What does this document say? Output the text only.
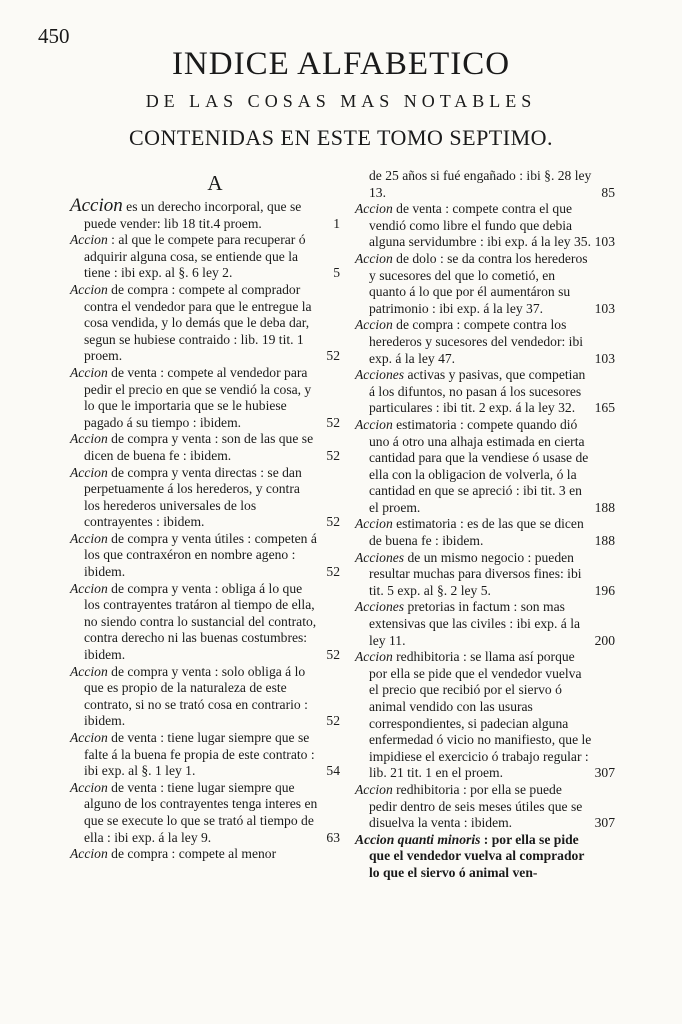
450
INDICE ALFABETICO
DE LAS COSAS MAS NOTABLES
CONTENIDAS EN ESTE TOMO SEPTIMO.
A
Accion es un derecho incorporal, que se puede vender: lib 18 tit.4 proem.	1
Accion : al que le compete para recuperar ó adquirir alguna cosa, se entiende que la tiene : ibi exp. al §. 6 ley 2.	5
Accion de compra : compete al comprador contra el vendedor para que le entregue la cosa vendida, y lo demás que le deba dar, segun se hubiese contraido : lib. 19 tit. 1 proem.	52
Accion de venta : compete al vendedor para pedir el precio en que se vendió la cosa, y lo que le importaria que se le hubiese pagado á su tiempo : ibidem.	52
Accion de compra y venta : son de las que se dicen de buena fe : ibidem.	52
Accion de compra y venta directas : se dan perpetuamente á los herederos, y contra los herederos universales de los contrayentes : ibidem.	52
Accion de compra y venta útiles : competen á los que contraxéron en nombre ageno : ibidem.	52
Accion de compra y venta : obliga á lo que los contrayentes tratáron al tiempo de ella, no siendo contra lo sustancial del contrato, contra derecho ni las buenas costumbres: ibidem.	52
Accion de compra y venta : solo obliga á lo que es propio de la naturaleza de este contrato, si no se trató cosa en contrario : ibidem.	52
Accion de venta : tiene lugar siempre que se falte á la buena fe propia de este contrato : ibi exp. al §. 1 ley 1.	54
Accion de venta : tiene lugar siempre que alguno de los contrayentes tenga interes en que se execute lo que se trató al tiempo de ella : ibi exp. á la ley 9.	63
Accion de compra : compete al menor
de 25 años si fué engañado : ibi §. 28 ley 13.	85
Accion de venta : compete contra el que vendió como libre el fundo que debia alguna servidumbre : ibi exp. á la ley 35. 103
Accion de dolo : se da contra los herederos y sucesores del que lo cometió, en quanto á lo que por él aumentáron su patrimonio : ibi exp. á la ley 37.	103
Accion de compra : compete contra los herederos y sucesores del vendedor: ibi exp. á la ley 47.	103
Acciones activas y pasivas, que competian á los difuntos, no pasan á los sucesores particulares : ibi tit. 2 exp. á la ley 32. 165
Accion estimatoria : compete quando dió uno á otro una alhaja estimada en cierta cantidad para que la vendiese ó usase de ella con la obligacion de volverla, ó la cantidad en que se apreció : ibi tit. 3 en el proem.	188
Accion estimatoria : es de las que se dicen de buena fe : ibidem.	188
Acciones de un mismo negocio : pueden resultar muchas para diversos fines: ibi tit. 5 exp. al §. 2 ley 5.	196
Acciones pretorias in factum : son mas extensivas que las civiles : ibi exp. á la ley 11.	200
Accion redhibitoria : se llama así porque por ella se pide que el vendedor vuelva el precio que recibió por el siervo ó animal vendido con las usuras correspondientes, si padecian alguna enfermedad ó vicio no manifiesto, que le impidiese el exercicio ó trabajo regular : lib. 21 tit. 1 en el proem.	307
Accion redhibitoria : por ella se puede pedir dentro de seis meses útiles que se disuelva la venta : ibidem.	307
Accion quanti minoris : por ella se pide que el vendedor vuelva al comprador lo que el siervo ó animal ven-
